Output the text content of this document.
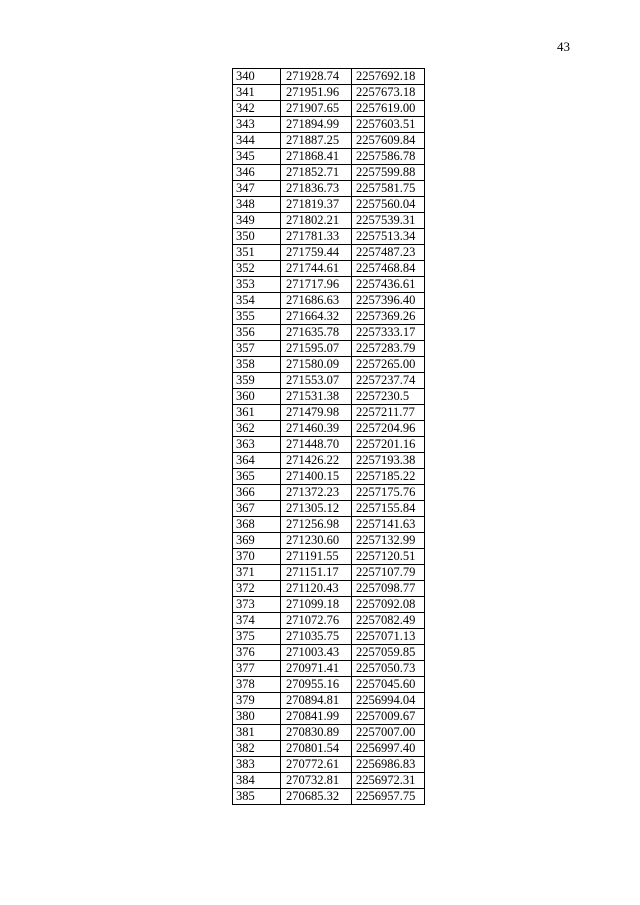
43
340	271928.74	2257692.18
341	271951.96	2257673.18
342	271907.65	2257619.00
343	271894.99	2257603.51
344	271887.25	2257609.84
345	271868.41	2257586.78
346	271852.71	2257599.88
347	271836.73	2257581.75
348	271819.37	2257560.04
349	271802.21	2257539.31
350	271781.33	2257513.34
351	271759.44	2257487.23
352	271744.61	2257468.84
353	271717.96	2257436.61
354	271686.63	2257396.40
355	271664.32	2257369.26
356	271635.78	2257333.17
357	271595.07	2257283.79
358	271580.09	2257265.00
359	271553.07	2257237.74
360	271531.38	2257230.5
361	271479.98	2257211.77
362	271460.39	2257204.96
363	271448.70	2257201.16
364	271426.22	2257193.38
365	271400.15	2257185.22
366	271372.23	2257175.76
367	271305.12	2257155.84
368	271256.98	2257141.63
369	271230.60	2257132.99
370	271191.55	2257120.51
371	271151.17	2257107.79
372	271120.43	2257098.77
373	271099.18	2257092.08
374	271072.76	2257082.49
375	271035.75	2257071.13
376	271003.43	2257059.85
377	270971.41	2257050.73
378	270955.16	2257045.60
379	270894.81	2256994.04
380	270841.99	2257009.67
381	270830.89	2257007.00
382	270801.54	2256997.40
383	270772.61	2256986.83
384	270732.81	2256972.31
385	270685.32	2256957.75
